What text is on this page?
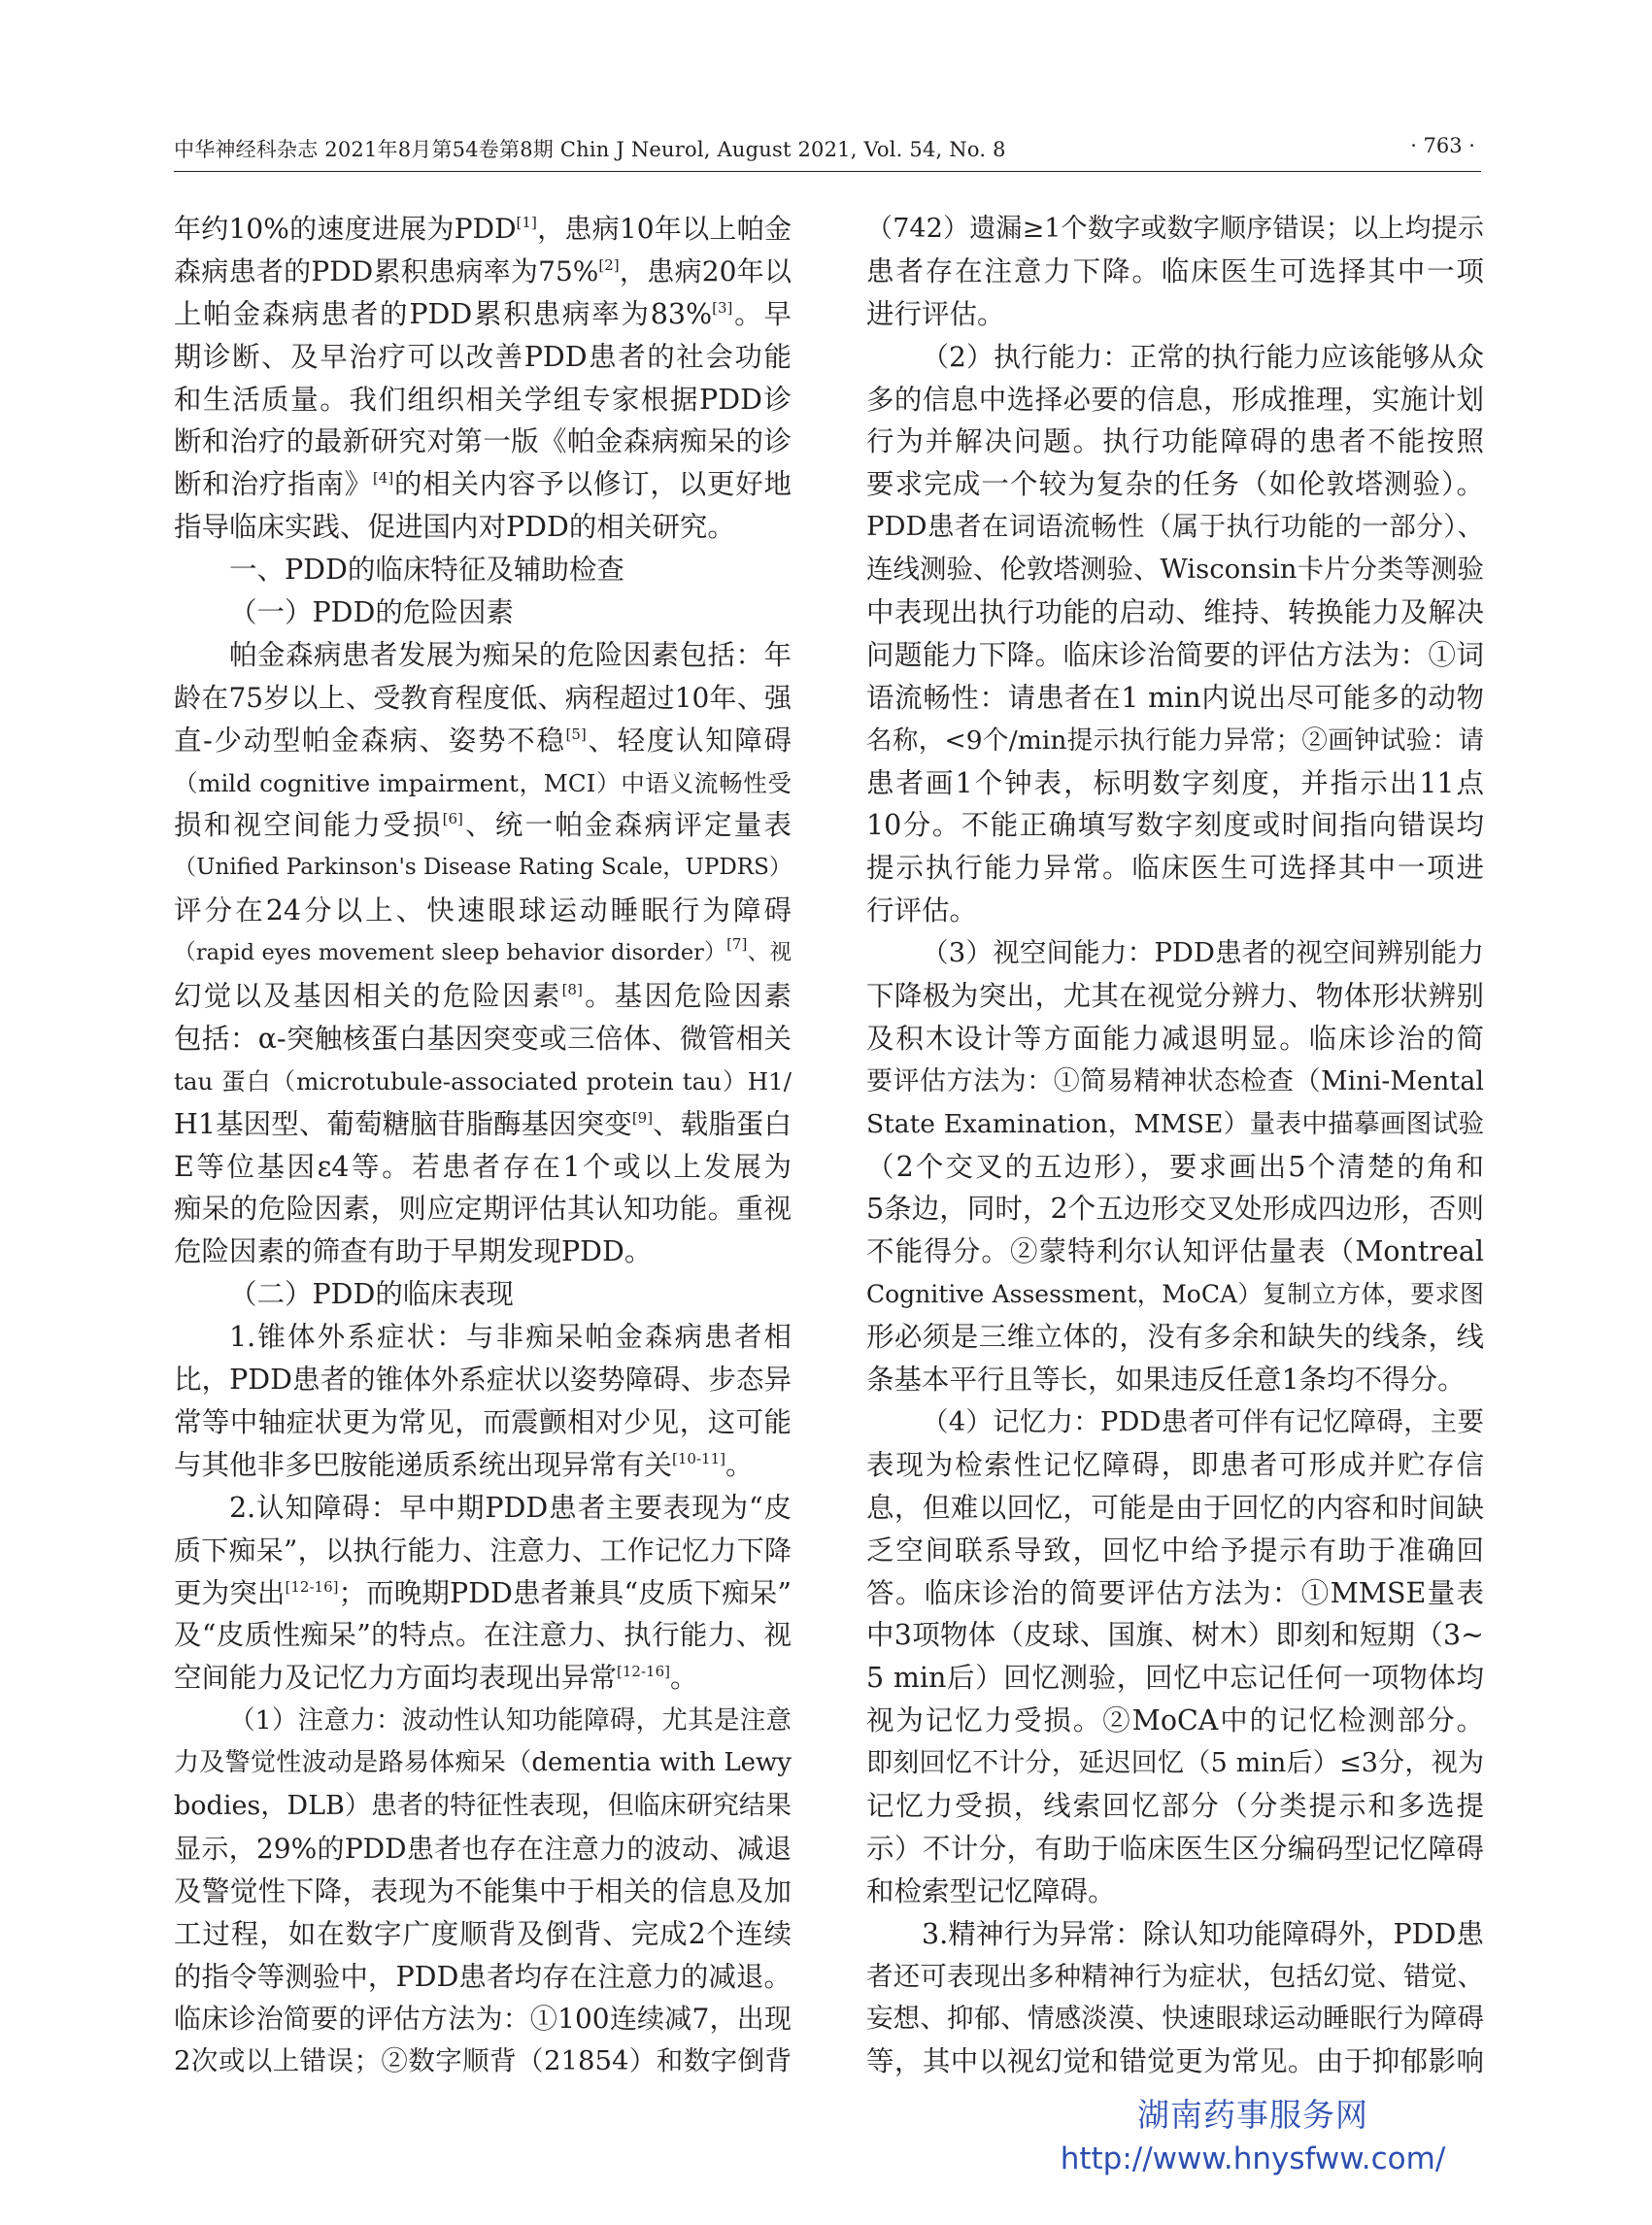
中华神经科杂志 2021年8月第54卷第8期 Chin J Neurol, August 2021, Vol. 54, No. 8	· 763 ·
年约10%的速度进展为PDD[1]，患病10年以上帕金
森病患者的PDD累积患病率为75%[2]，患病20年以
上帕金森病患者的PDD累积患病率为83%[3]。早
期诊断、及早治疗可以改善PDD患者的社会功能
和生活质量。我们组织相关学组专家根据PDD诊
断和治疗的最新研究对第一版《帕金森病痴呆的诊
断和治疗指南》[4]的相关内容予以修订，以更好地
指导临床实践、促进国内对PDD的相关研究。
一、PDD的临床特征及辅助检查
（一）PDD的危险因素
帕金森病患者发展为痴呆的危险因素包括：年
龄在75岁以上、受教育程度低、病程超过10年、强
直-少动型帕金森病、姿势不稳[5]、轻度认知障碍
（mild cognitive impairment，MCI）中语义流畅性受
损和视空间能力受损[6]、统一帕金森病评定量表
（Unified Parkinson's Disease Rating Scale，UPDRS）
评分在24分以上、快速眼球运动睡眠行为障碍
（rapid eyes movement sleep behavior disorder）[7]、视
幻觉以及基因相关的危险因素[8]。基因危险因素
包括：α-突触核蛋白基因突变或三倍体、微管相关
tau 蛋白（microtubule-associated protein tau）H1/
H1基因型、葡萄糖脑苷脂酶基因突变[9]、载脂蛋白
E等位基因ε4等。若患者存在1个或以上发展为
痴呆的危险因素，则应定期评估其认知功能。重视
危险因素的筛查有助于早期发现PDD。
（二）PDD的临床表现
1.锥体外系症状：与非痴呆帕金森病患者相
比，PDD患者的锥体外系症状以姿势障碍、步态异
常等中轴症状更为常见，而震颤相对少见，这可能
与其他非多巴胺能递质系统出现异常有关[10-11]。
2.认知障碍：早中期PDD患者主要表现为“皮
质下痴呆”，以执行能力、注意力、工作记忆力下降
更为突出[12-16]；而晚期PDD患者兼具“皮质下痴呆”
及“皮质性痴呆”的特点。在注意力、执行能力、视
空间能力及记忆力方面均表现出异常[12-16]。
（1）注意力：波动性认知功能障碍，尤其是注意
力及警觉性波动是路易体痴呆（dementia with Lewy
bodies，DLB）患者的特征性表现，但临床研究结果
显示，29%的PDD患者也存在注意力的波动、减退
及警觉性下降，表现为不能集中于相关的信息及加
工过程，如在数字广度顺背及倒背、完成2个连续
的指令等测验中，PDD患者均存在注意力的减退。
临床诊治简要的评估方法为：①100连续减7，出现
2次或以上错误；②数字顺背（21854）和数字倒背
（742）遗漏≥1个数字或数字顺序错误；以上均提示
患者存在注意力下降。临床医生可选择其中一项
进行评估。
（2）执行能力：正常的执行能力应该能够从众
多的信息中选择必要的信息，形成推理，实施计划
行为并解决问题。执行功能障碍的患者不能按照
要求完成一个较为复杂的任务（如伦敦塔测验）。
PDD患者在词语流畅性（属于执行功能的一部分）、
连线测验、伦敦塔测验、Wisconsin卡片分类等测验
中表现出执行功能的启动、维持、转换能力及解决
问题能力下降。临床诊治简要的评估方法为：①词
语流畅性：请患者在1 min内说出尽可能多的动物
名称，<9个/min提示执行能力异常；②画钟试验：请
患者画1个钟表，标明数字刻度，并指示出11点
10分。不能正确填写数字刻度或时间指向错误均
提示执行能力异常。临床医生可选择其中一项进
行评估。
（3）视空间能力：PDD患者的视空间辨别能力
下降极为突出，尤其在视觉分辨力、物体形状辨别
及积木设计等方面能力减退明显。临床诊治的简
要评估方法为：①简易精神状态检查（Mini-Mental
State Examination，MMSE）量表中描摹画图试验
（2个交叉的五边形），要求画出5个清楚的角和
5条边，同时，2个五边形交叉处形成四边形，否则
不能得分。②蒙特利尔认知评估量表（Montreal
Cognitive Assessment，MoCA）复制立方体，要求图
形必须是三维立体的，没有多余和缺失的线条，线
条基本平行且等长，如果违反任意1条均不得分。
（4）记忆力：PDD患者可伴有记忆障碍，主要
表现为检索性记忆障碍，即患者可形成并贮存信
息，但难以回忆，可能是由于回忆的内容和时间缺
乏空间联系导致，回忆中给予提示有助于准确回
答。临床诊治的简要评估方法为：①MMSE量表
中3项物体（皮球、国旗、树木）即刻和短期（3~
5 min后）回忆测验，回忆中忘记任何一项物体均
视为记忆力受损。②MoCA中的记忆检测部分。
即刻回忆不计分，延迟回忆（5 min后）≤3分，视为
记忆力受损，线索回忆部分（分类提示和多选提
示）不计分，有助于临床医生区分编码型记忆障碍
和检索型记忆障碍。
3.精神行为异常：除认知功能障碍外，PDD患
者还可表现出多种精神行为症状，包括幻觉、错觉、
妄想、抑郁、情感淡漠、快速眼球运动睡眠行为障碍
等，其中以视幻觉和错觉更为常见。由于抑郁影响
湖南药事服务网
http://www.hnysfww.com/
